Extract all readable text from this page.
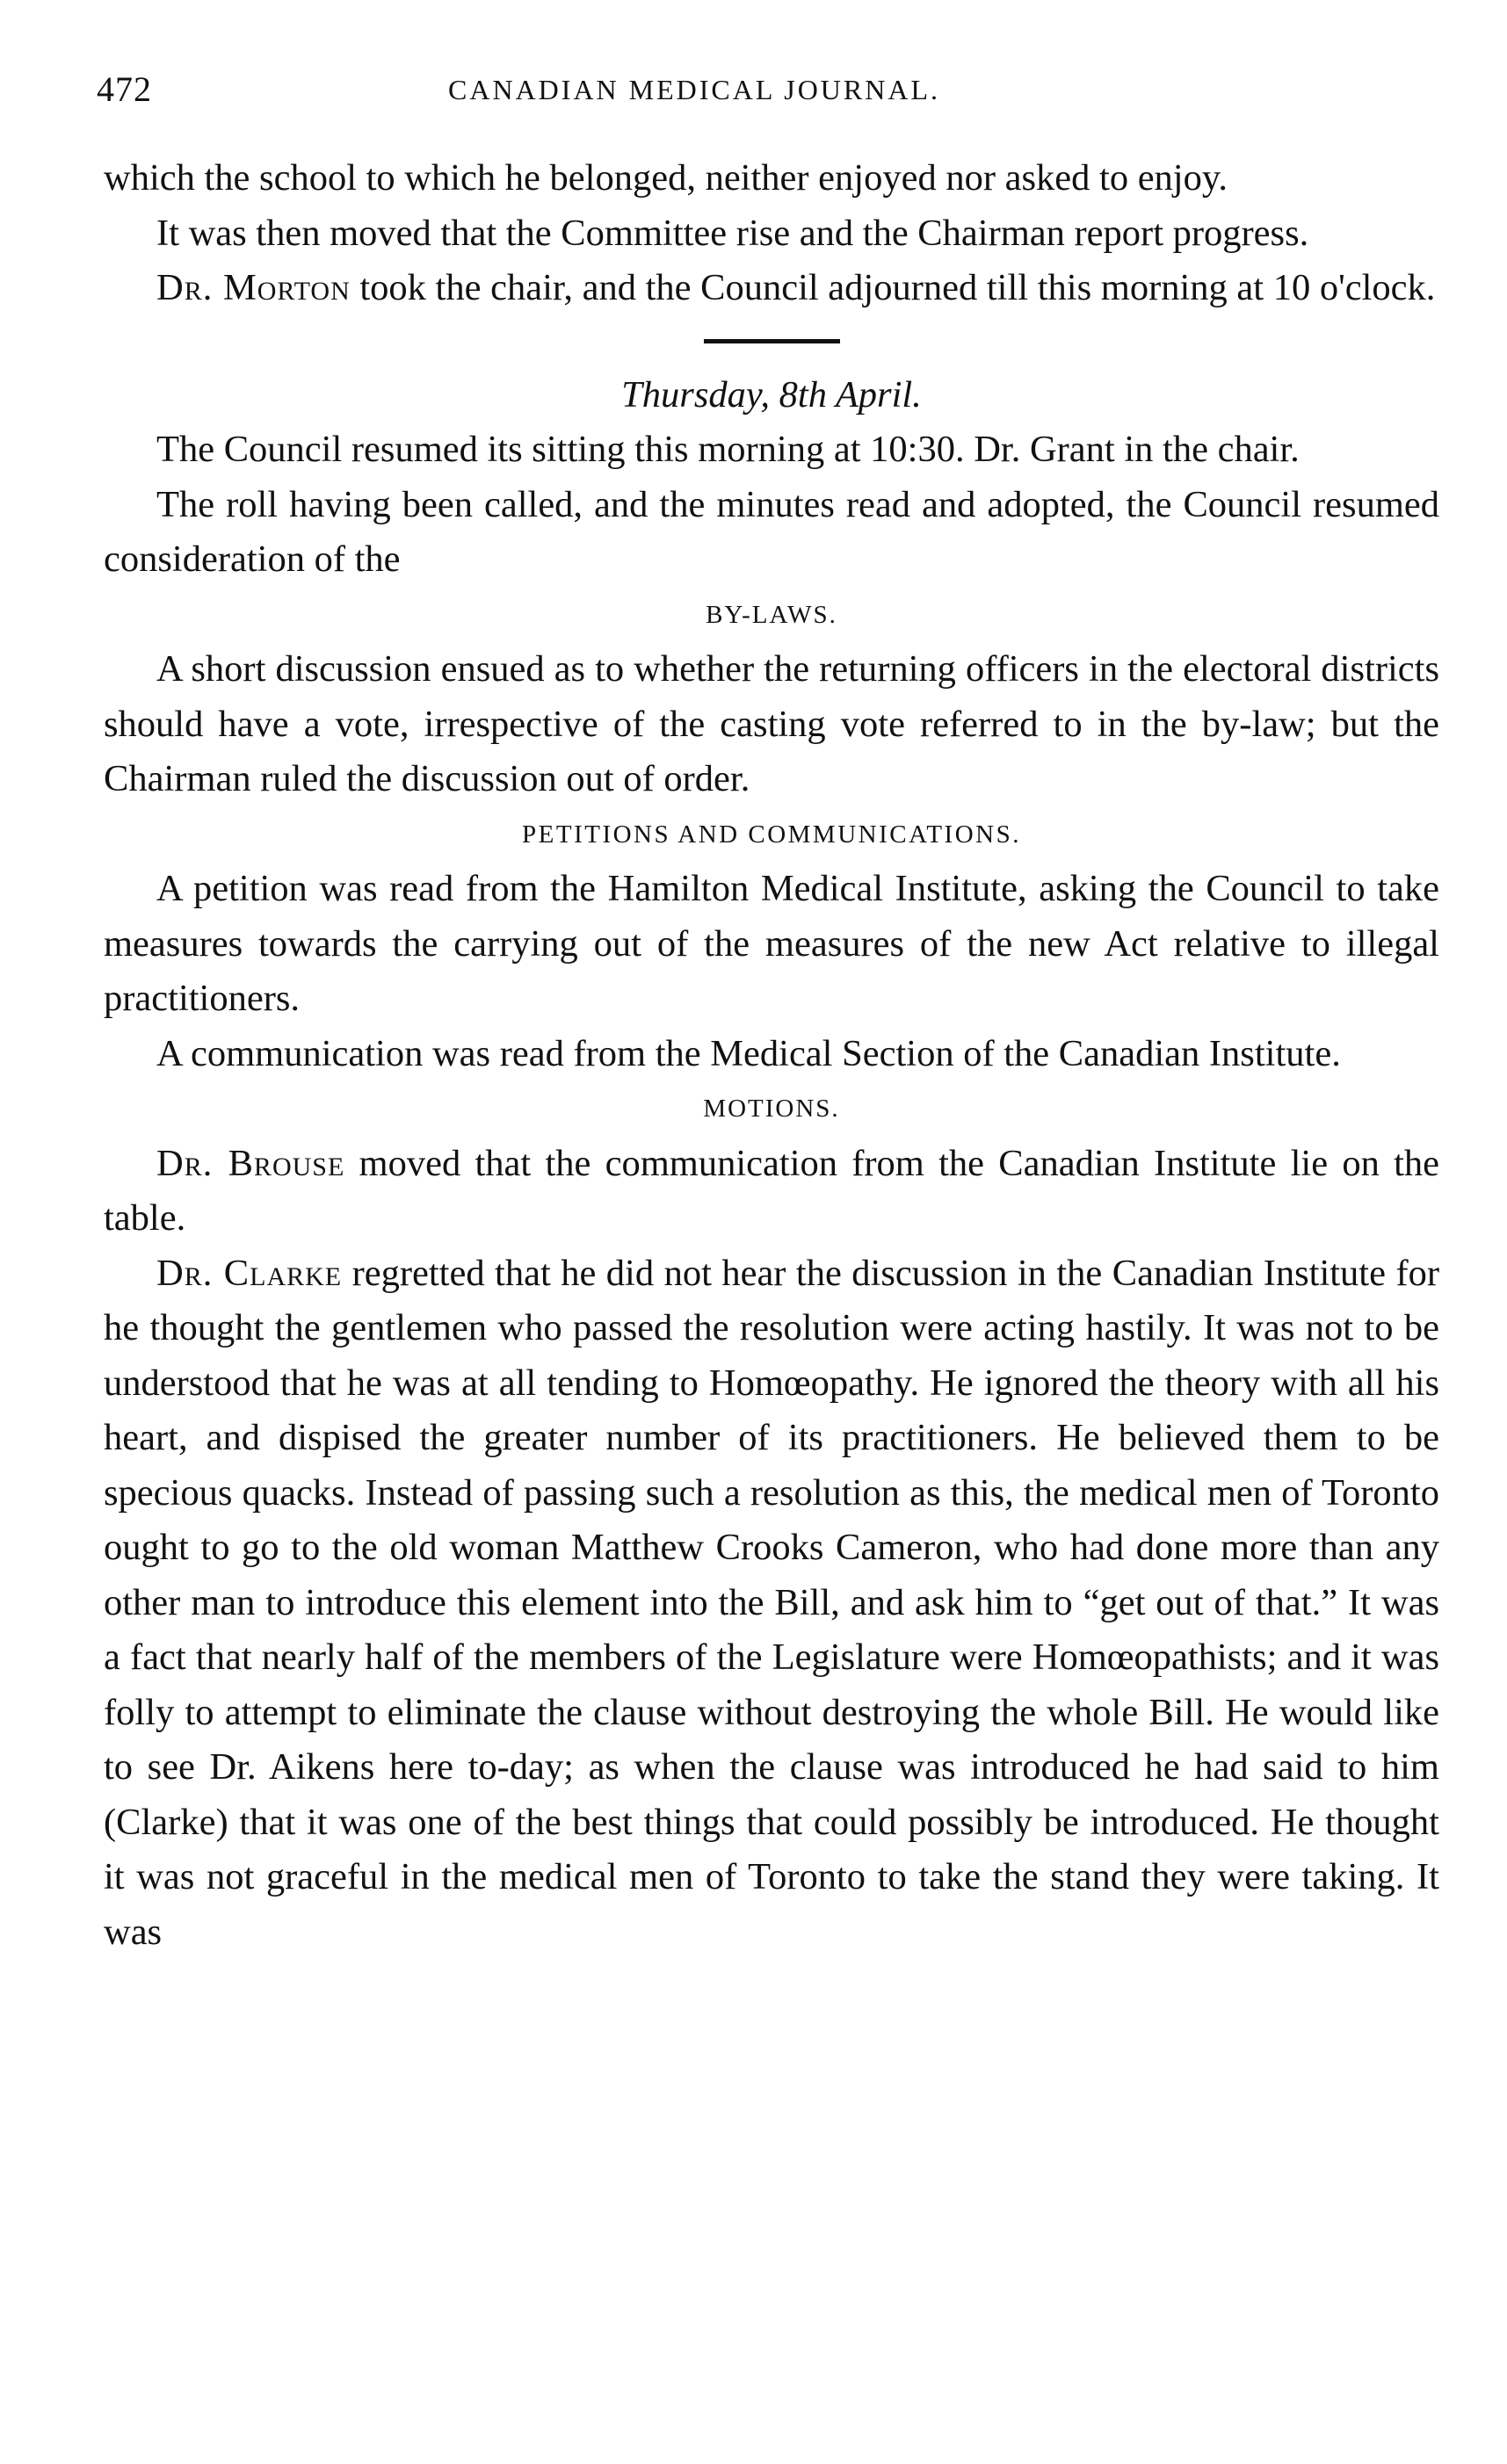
472	CANADIAN MEDICAL JOURNAL.

which the school to which he belonged, neither enjoyed nor asked to enjoy.

It was then moved that the Committee rise and the Chairman report progress.

Dr. Morton took the chair, and the Council adjourned till this morning at 10 o'clock.

Thursday, 8th April.

The Council resumed its sitting this morning at 10:30. Dr. Grant in the chair.

The roll having been called, and the minutes read and adopted, the Council resumed consideration of the

BY-LAWS.

A short discussion ensued as to whether the returning officers in the electoral districts should have a vote, irrespective of the casting vote referred to in the by-law; but the Chairman ruled the discussion out of order.

PETITIONS AND COMMUNICATIONS.

A petition was read from the Hamilton Medical Institute, asking the Council to take measures towards the carrying out of the measures of the new Act relative to illegal practitioners.

A communication was read from the Medical Section of the Canadian Institute.

MOTIONS.

Dr. Brouse moved that the communication from the Canadian Institute lie on the table.

Dr. Clarke regretted that he did not hear the discussion in the Canadian Institute for he thought the gentlemen who passed the resolution were acting hastily. It was not to be understood that he was at all tending to Homœopathy. He ignored the theory with all his heart, and dispised the greater number of its practitioners. He believed them to be specious quacks. Instead of passing such a resolution as this, the medical men of Toronto ought to go to the old woman Matthew Crooks Cameron, who had done more than any other man to introduce this element into the Bill, and ask him to “get out of that.” It was a fact that nearly half of the members of the Legislature were Homœopathists; and it was folly to attempt to eliminate the clause without destroying the whole Bill. He would like to see Dr. Aikens here to-day; as when the clause was introduced he had said to him (Clarke) that it was one of the best things that could possibly be introduced. He thought it was not graceful in the medical men of Toronto to take the stand they were taking. It was
